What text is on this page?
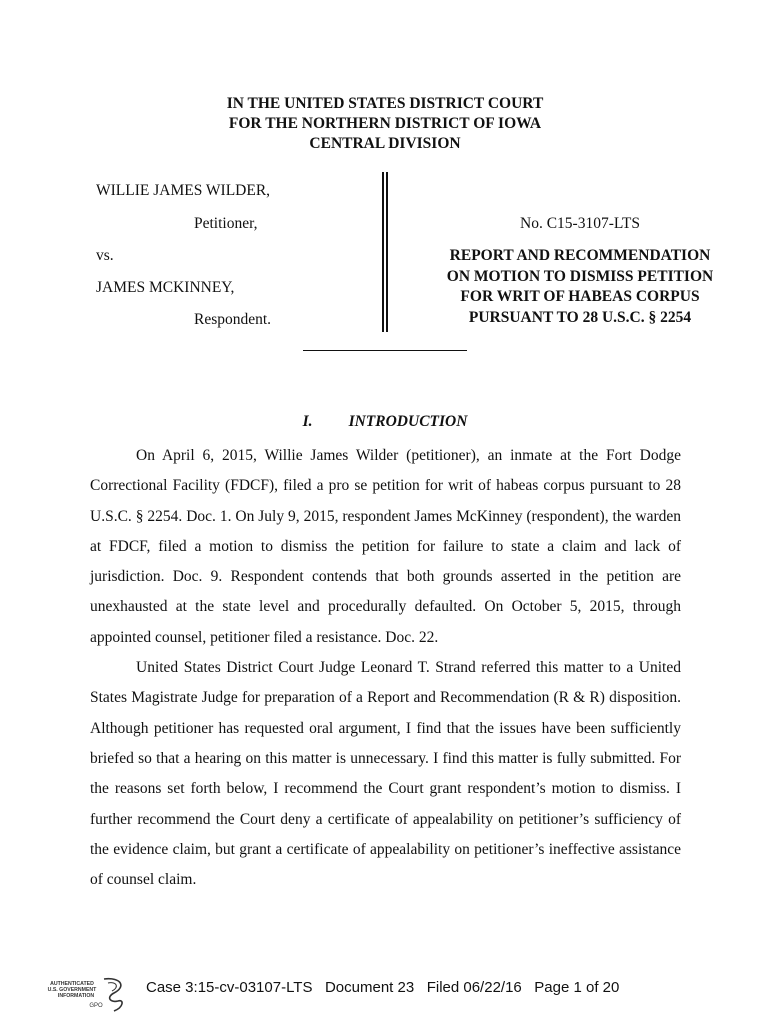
IN THE UNITED STATES DISTRICT COURT
FOR THE NORTHERN DISTRICT OF IOWA
CENTRAL DIVISION
WILLIE JAMES WILDER,
Petitioner,
vs.
JAMES MCKINNEY,
Respondent.
No. C15-3107-LTS
REPORT AND RECOMMENDATION
ON MOTION TO DISMISS PETITION
FOR WRIT OF HABEAS CORPUS
PURSUANT TO 28 U.S.C. § 2254
I. INTRODUCTION

On April 6, 2015, Willie James Wilder (petitioner), an inmate at the Fort Dodge Correctional Facility (FDCF), filed a pro se petition for writ of habeas corpus pursuant to 28 U.S.C. § 2254. Doc. 1. On July 9, 2015, respondent James McKinney (respondent), the warden at FDCF, filed a motion to dismiss the petition for failure to state a claim and lack of jurisdiction. Doc. 9. Respondent contends that both grounds asserted in the petition are unexhausted at the state level and procedurally defaulted. On October 5, 2015, through appointed counsel, petitioner filed a resistance. Doc. 22.

United States District Court Judge Leonard T. Strand referred this matter to a United States Magistrate Judge for preparation of a Report and Recommendation (R & R) disposition. Although petitioner has requested oral argument, I find that the issues have been sufficiently briefed so that a hearing on this matter is unnecessary. I find this matter is fully submitted. For the reasons set forth below, I recommend the Court grant respondent’s motion to dismiss. I further recommend the Court deny a certificate of appealability on petitioner’s sufficiency of the evidence claim, but grant a certificate of appealability on petitioner’s ineffective assistance of counsel claim.

AUTHENTICATED
U.S. GOVERNMENT
INFORMATION
GPO
Case 3:15-cv-03107-LTS   Document 23   Filed 06/22/16   Page 1 of 20
